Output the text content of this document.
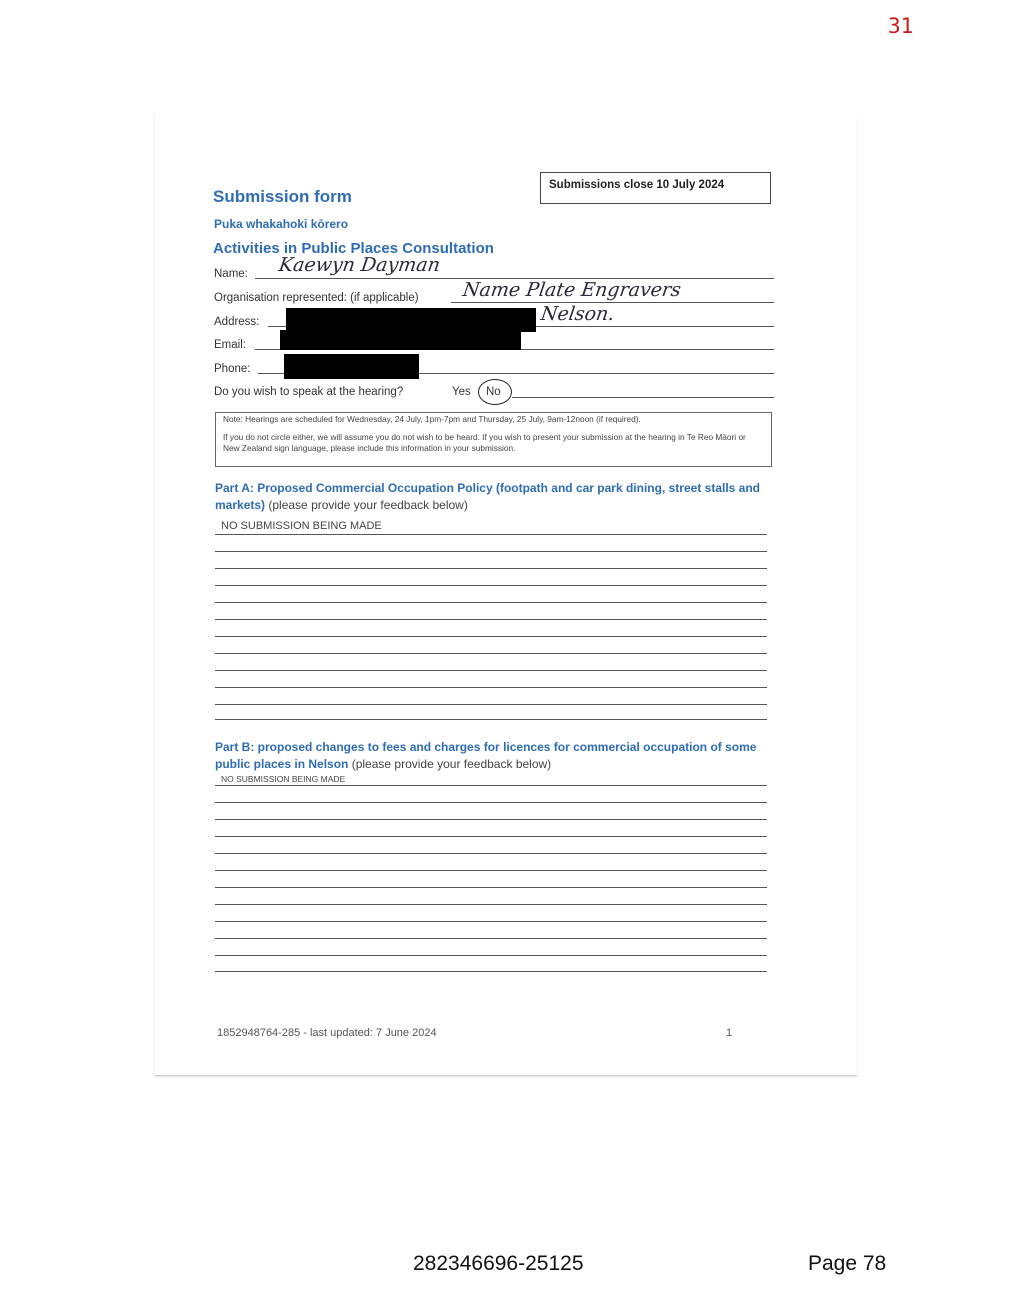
31
Submission form
Puka whakahoki kōrero
Activities in Public Places Consultation
Submissions close 10 July 2024
Name: Kaewyn Dayman
Organisation represented: (if applicable) Name Plate Engravers
Address:	Nelson.
Email:
Phone:
Do you wish to speak at the hearing?	Yes No

Note: Hearings are scheduled for Wednesday, 24 July, 1pm-7pm and Thursday, 25 July, 9am-12noon (if required).

If you do not circle either, we will assume you do not wish to be heard. If you wish to present your submission at the hearing in Te Reo Māori or New Zealand sign language, please include this information in your submission.

Part A: Proposed Commercial Occupation Policy (footpath and car park dining, street stalls and markets) (please provide your feedback below)
NO SUBMISSION BEING MADE
Part B: proposed changes to fees and charges for licences for commercial occupation of some public places in Nelson (please provide your feedback below)
NO SUBMISSION BEING MADE
1852948764-285 - last updated: 7 June 2024	1
282346696-25125	Page 78
